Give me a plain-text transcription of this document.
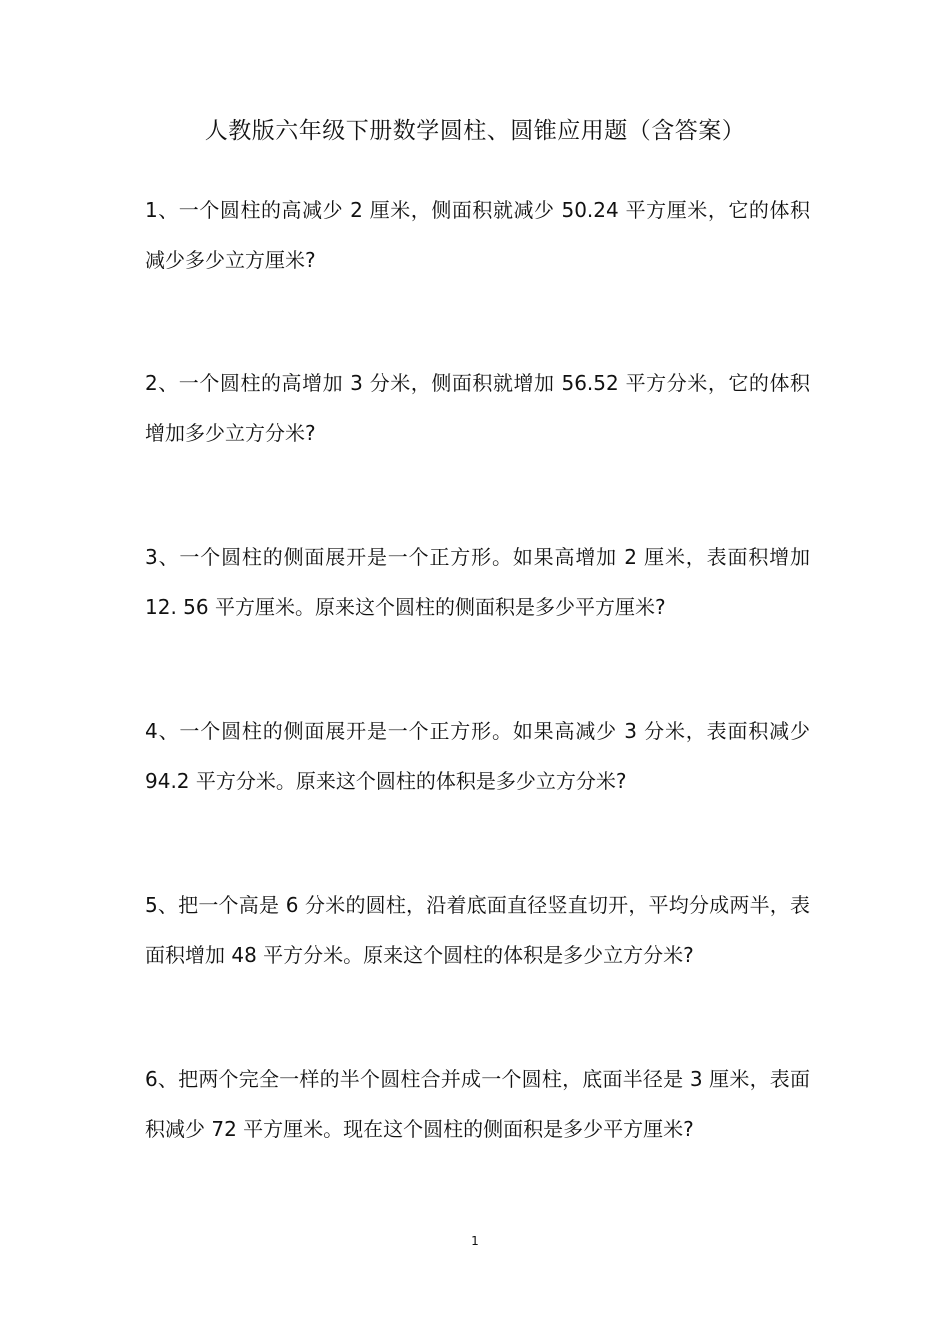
人教版六年级下册数学圆柱、圆锥应用题（含答案）

1、一个圆柱的高减少 2 厘米，侧面积就减少 50.24 平方厘米，它的体积减少多少立方厘米?

2、一个圆柱的高增加 3 分米，侧面积就增加 56.52 平方分米，它的体积增加多少立方分米?

3、一个圆柱的侧面展开是一个正方形。如果高增加 2 厘米，表面积增加 12. 56 平方厘米。原来这个圆柱的侧面积是多少平方厘米?

4、一个圆柱的侧面展开是一个正方形。如果高减少 3 分米，表面积减少 94.2 平方分米。原来这个圆柱的体积是多少立方分米?

5、把一个高是 6 分米的圆柱，沿着底面直径竖直切开，平均分成两半，表面积增加 48 平方分米。原来这个圆柱的体积是多少立方分米?

6、把两个完全一样的半个圆柱合并成一个圆柱，底面半径是 3 厘米，表面积减少 72 平方厘米。现在这个圆柱的侧面积是多少平方厘米?

1
